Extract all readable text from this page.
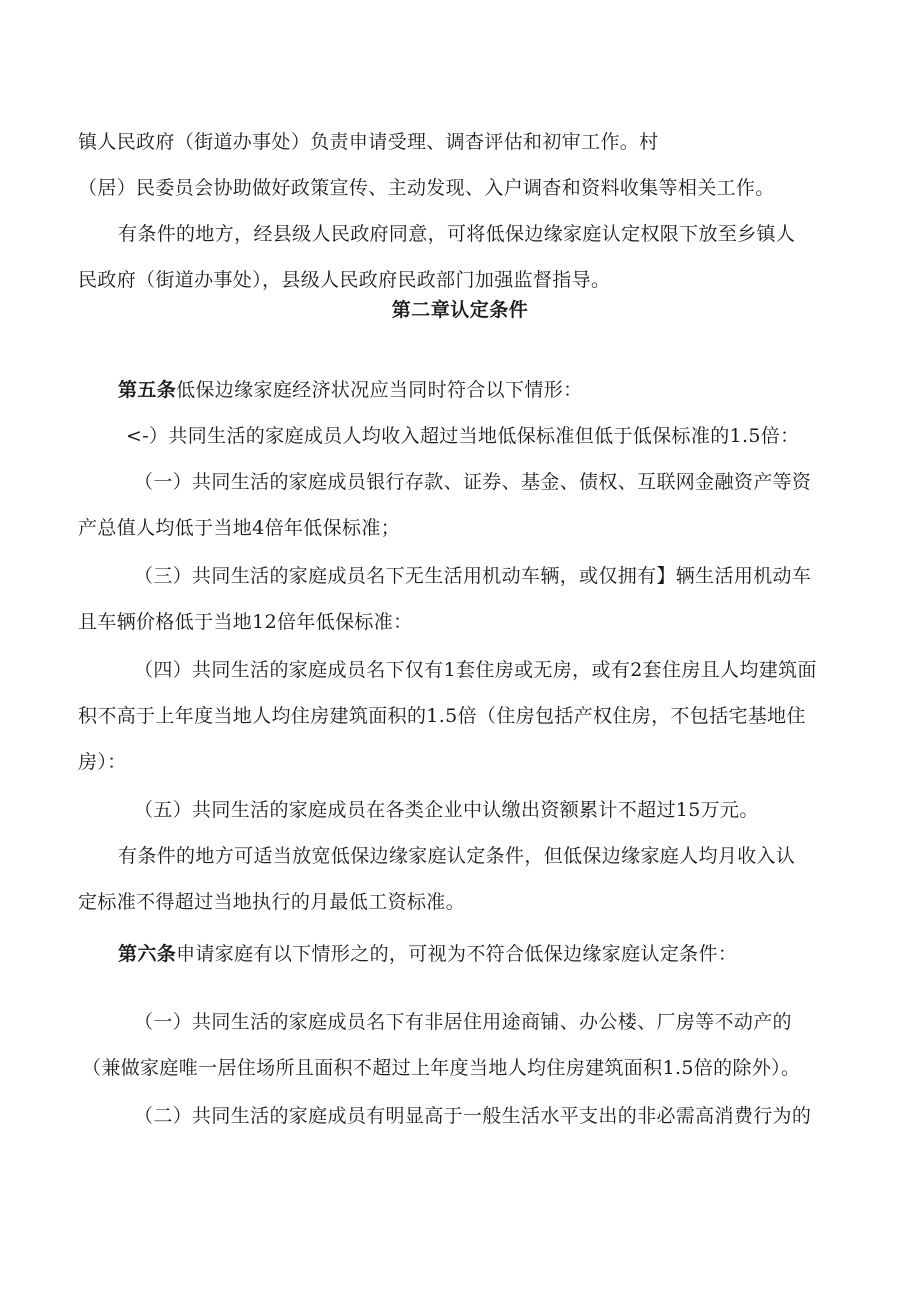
镇人民政府（街道办事处）负责申请受理、调杳评估和初审工作。村
（居）民委员会协助做好政策宣传、主动发现、入户调杳和资料收集等相关工作。
有条件的地方，经县级人民政府同意，可将低保边缘家庭认定权限下放至乡镇人
民政府（街道办事处），县级人民政府民政部门加强监督指导。
第二章认定条件
第五条低保边缘家庭经济状况应当同时符合以下情形：
<-）共同生活的家庭成员人均收入超过当地低保标准但低于低保标准的1.5倍：
（一）共同生活的家庭成员银行存款、证券、基金、债权、互联网金融资产等资
产总值人均低于当地4倍年低保标准；
（三）共同生活的家庭成员名下无生活用机动车辆，或仅拥有】辆生活用机动车
且车辆价格低于当地12倍年低保标准：
（四）共同生活的家庭成员名下仅有1套住房或无房，或有2套住房且人均建筑面
积不高于上年度当地人均住房建筑面积的1.5倍（住房包括产权住房，不包括宅基地住
房）：
（五）共同生活的家庭成员在各类企业中认缴出资额累计不超过15万元。
有条件的地方可适当放宽低保边缘家庭认定条件，但低保边缘家庭人均月收入认
定标准不得超过当地执行的月最低工资标准。
第六条申请家庭有以下情形之的，可视为不符合低保边缘家庭认定条件：
（一）共同生活的家庭成员名下有非居住用途商铺、办公楼、厂房等不动产的
（兼做家庭唯一居住场所且面积不超过上年度当地人均住房建筑面积1.5倍的除外）。
（二）共同生活的家庭成员有明显高于一般生活水平支出的非必需高消费行为的
